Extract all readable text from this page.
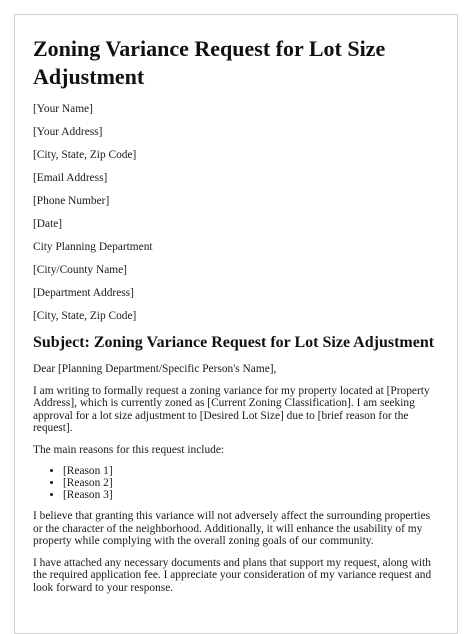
Zoning Variance Request for Lot Size Adjustment

[Your Name]

[Your Address]

[City, State, Zip Code]

[Email Address]

[Phone Number]

[Date]

City Planning Department

[City/County Name]

[Department Address]

[City, State, Zip Code]

Subject: Zoning Variance Request for Lot Size Adjustment

Dear [Planning Department/Specific Person's Name],

I am writing to formally request a zoning variance for my property located at [Property Address], which is currently zoned as [Current Zoning Classification]. I am seeking approval for a lot size adjustment to [Desired Lot Size] due to [brief reason for the request].

The main reasons for this request include:

• [Reason 1]
• [Reason 2]
• [Reason 3]

I believe that granting this variance will not adversely affect the surrounding properties or the character of the neighborhood. Additionally, it will enhance the usability of my property while complying with the overall zoning goals of our community.

I have attached any necessary documents and plans that support my request, along with the required application fee. I appreciate your consideration of my variance request and look forward to your response.
